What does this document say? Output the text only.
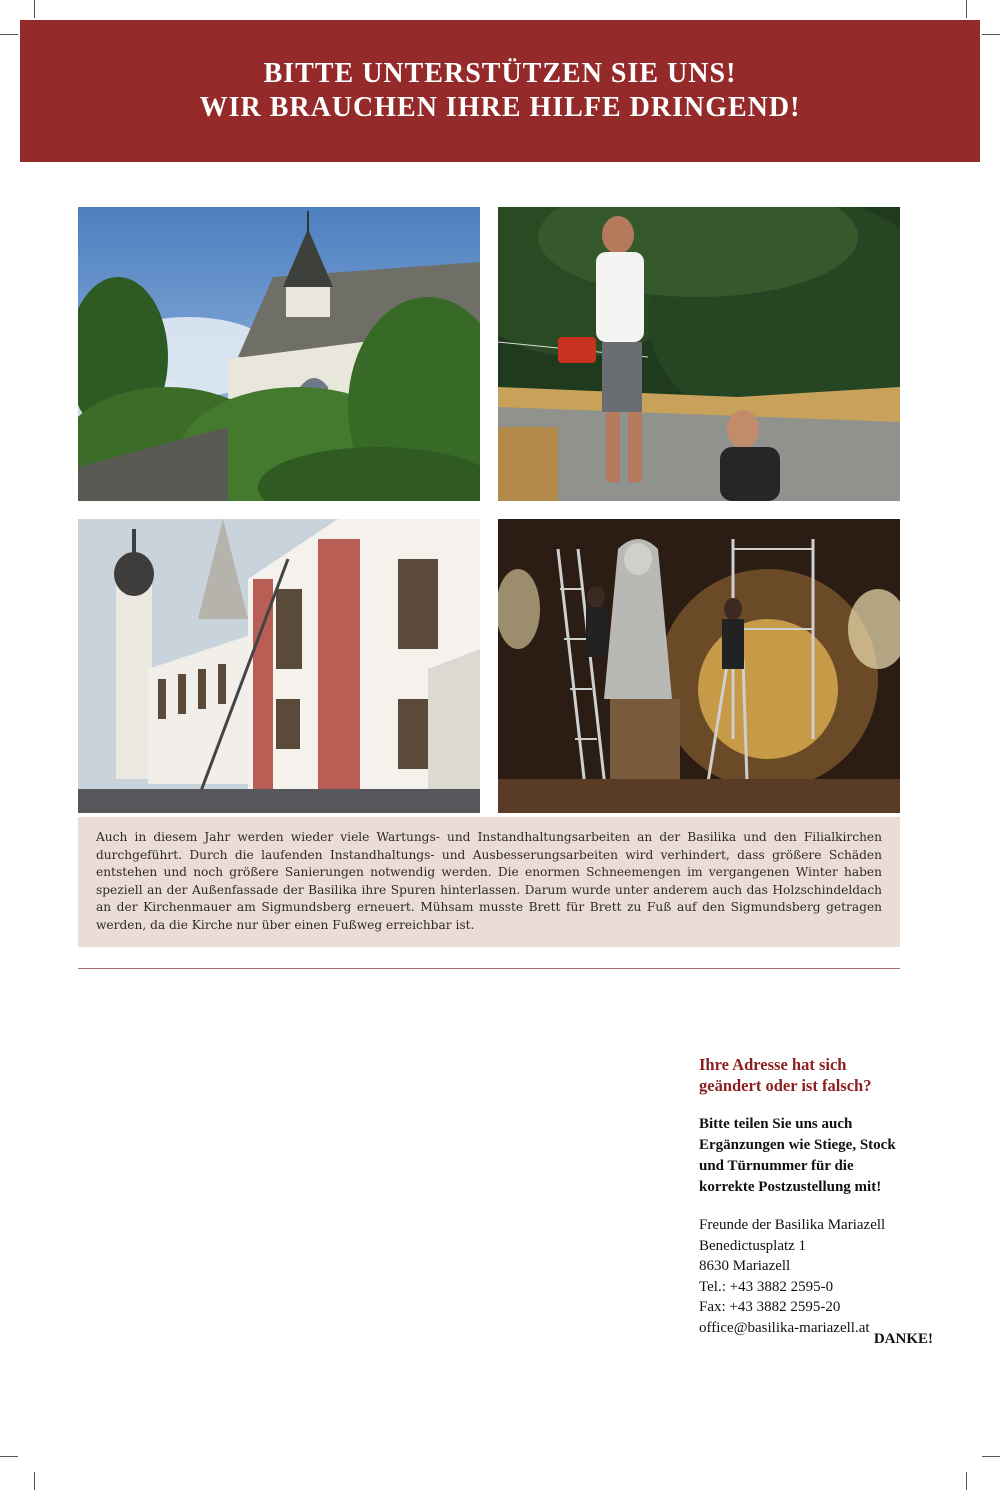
BITTE UNTERSTÜTZEN SIE UNS!
WIR BRAUCHEN IHRE HILFE DRINGEND!

Auch in diesem Jahr werden wieder viele Wartungs- und Instandhaltungsarbeiten an der Basilika und den Filialkirchen durchgeführt. Durch die laufenden Instandhaltungs- und Ausbesserungsarbeiten wird verhindert, dass größere Schäden entstehen und noch größere Sanierungen notwendig werden. Die enormen Schneemengen im vergangenen Winter haben speziell an der Außenfassade der Basilika ihre Spuren hinterlassen. Darum wurde unter anderem auch das Holzschindeldach an der Kirchenmauer am Sigmundsberg erneuert. Mühsam musste Brett für Brett zu Fuß auf den Sigmundsberg getragen werden, da die Kirche nur über einen Fußweg erreichbar ist.

Ihre Adresse hat sich
geändert oder ist falsch?
Bitte teilen Sie uns auch
Ergänzungen wie Stiege, Stock
und Türnummer für die
korrekte Postzustellung mit!
Freunde der Basilika Mariazell
Benedictusplatz 1
8630 Mariazell
Tel.: +43 3882 2595-0
Fax: +43 3882 2595-20
office@basilika-mariazell.at
DANKE!
